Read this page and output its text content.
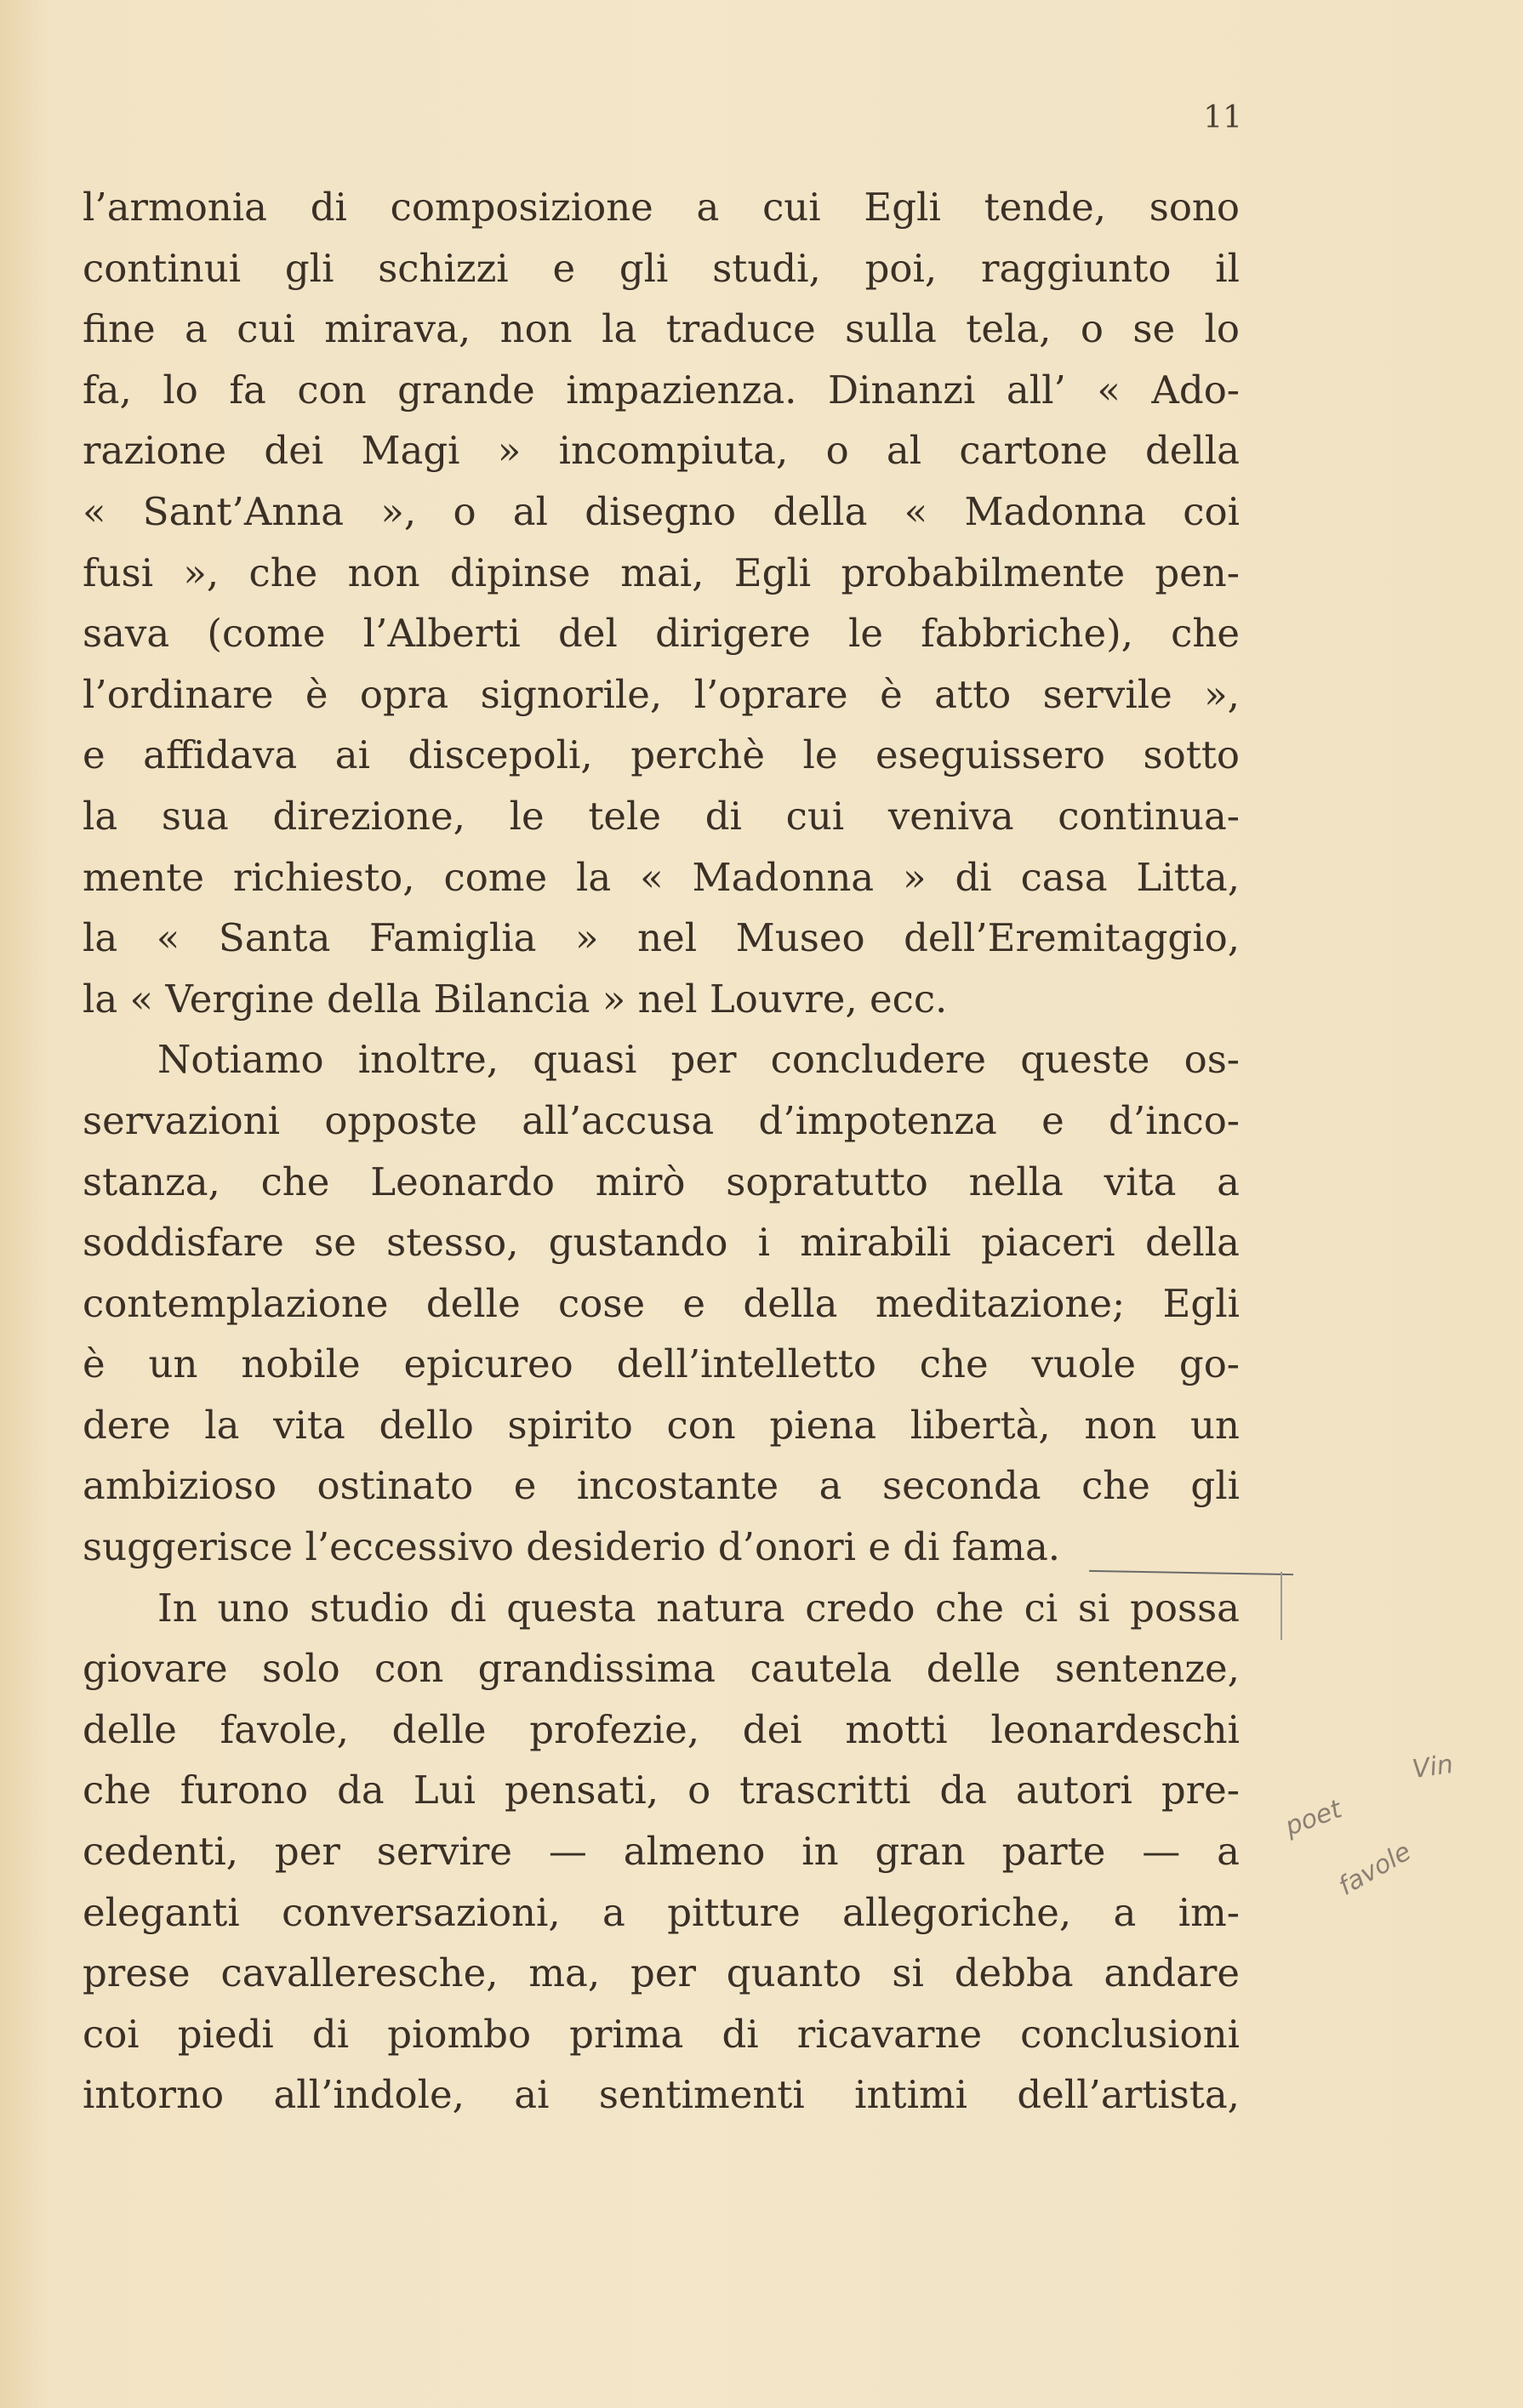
11
l’armonia di composizione a cui Egli tende, sono
continui gli schizzi e gli studi, poi, raggiunto il
fine a cui mirava, non la traduce sulla tela, o se lo
fa, lo fa con grande impazienza. Dinanzi all’ « Ado-
razione dei Magi » incompiuta, o al cartone della
« Sant’Anna », o al disegno della « Madonna coi
fusi », che non dipinse mai, Egli probabilmente pen-
sava (come l’Alberti del dirigere le fabbriche), che
l’ordinare è opra signorile, l’oprare è atto servile »,
e affidava ai discepoli, perchè le eseguissero sotto
la sua direzione, le tele di cui veniva continua-
mente richiesto, come la « Madonna » di casa Litta,
la « Santa Famiglia » nel Museo dell’Eremitaggio,
la « Vergine della Bilancia » nel Louvre, ecc.
Notiamo inoltre, quasi per concludere queste os-
servazioni opposte all’accusa d’impotenza e d’inco-
stanza, che Leonardo mirò sopratutto nella vita a
soddisfare se stesso, gustando i mirabili piaceri della
contemplazione delle cose e della meditazione; Egli
è un nobile epicureo dell’intelletto che vuole go-
dere la vita dello spirito con piena libertà, non un
ambizioso ostinato e incostante a seconda che gli
suggerisce l’eccessivo desiderio d’onori e di fama.
In uno studio di questa natura credo che ci si possa
giovare solo con grandissima cautela delle sentenze,
delle favole, delle profezie, dei motti leonardeschi
che furono da Lui pensati, o trascritti da autori pre-
cedenti, per servire — almeno in gran parte — a
eleganti conversazioni, a pitture allegoriche, a im-
prese cavalleresche, ma, per quanto si debba andare
coi piedi di piombo prima di ricavarne conclusioni
intorno all’indole, ai sentimenti intimi dell’artista,
Vin
poet
favole
